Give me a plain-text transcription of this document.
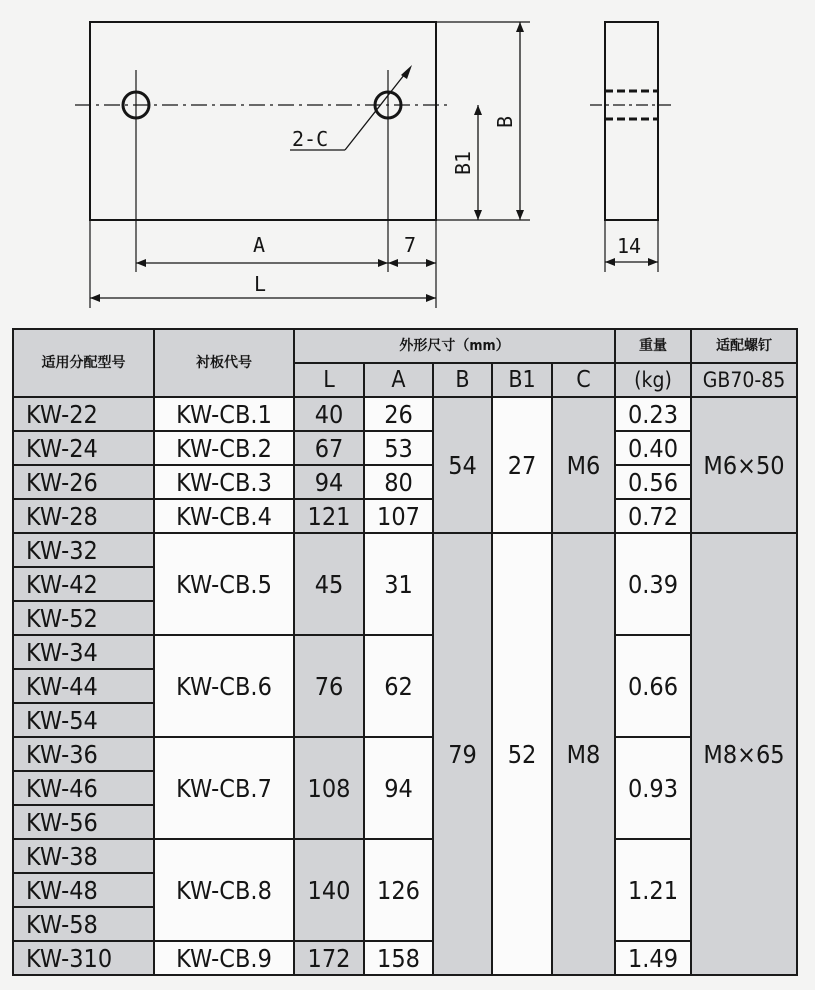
2-C
A	7
L
B
B1
14
适用分配型号	衬板代号	外形尺寸（mm）					重量	适配螺钉
		L	A	B	B1	C	(kg)	GB70-85
KW-22	KW-CB.1	40	26	54	27	M6	0.23	M6×50
KW-24	KW-CB.2	67	53				0.40	
KW-26	KW-CB.3	94	80				0.56	
KW-28	KW-CB.4	121	107				0.72	
KW-32	KW-CB.5	45	31	79	52	M8	0.39	M8×65
KW-42								
KW-52								
KW-34	KW-CB.6	76	62				0.66	
KW-44								
KW-54								
KW-36	KW-CB.7	108	94				0.93	
KW-46								
KW-56								
KW-38	KW-CB.8	140	126				1.21	
KW-48								
KW-58								
KW-310	KW-CB.9	172	158				1.49	
